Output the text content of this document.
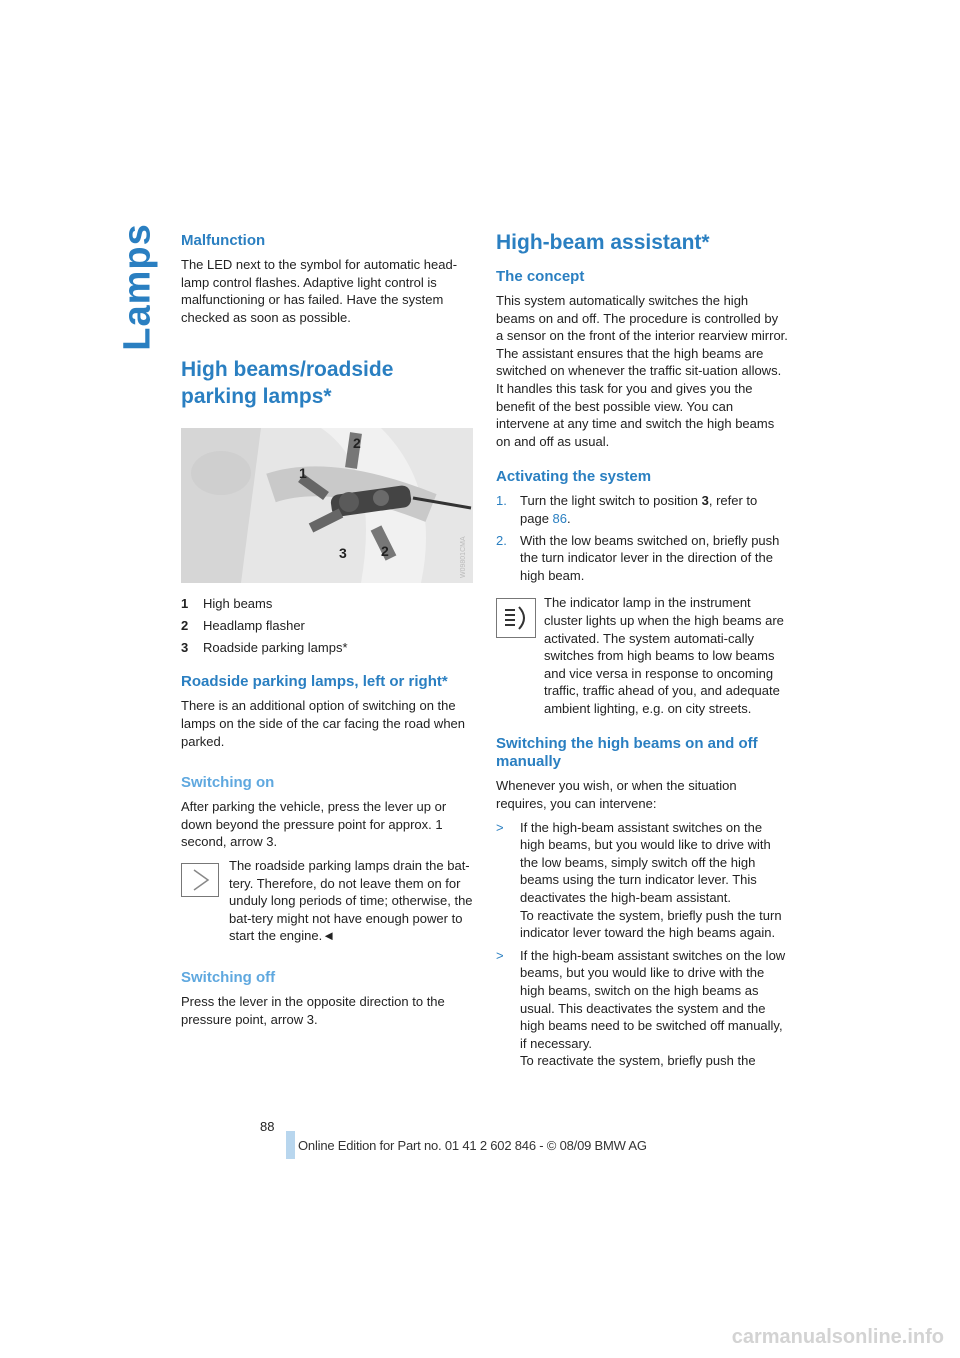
Lamps Malfunction

The LED next to the symbol for automatic head-lamp control flashes. Adaptive light control is malfunctioning or has failed. Have the system checked as soon as possible.

High beams/roadside parking lamps*
1
2
3 2	W09801CMA
1	High beams
2	Headlamp flasher
3	Roadside parking lamps*
Roadside parking lamps, left or right*

There is an additional option of switching on the lamps on the side of the car facing the road when parked.

Switching on

After parking the vehicle, press the lever up or down beyond the pressure point for approx. 1 second, arrow 3.

The roadside parking lamps drain the bat-tery. Therefore, do not leave them on for unduly long periods of time; otherwise, the bat-tery might not have enough power to start the engine.◄

Switching off

Press the lever in the opposite direction to the pressure point, arrow 3.

High-beam assistant*
The concept

This system automatically switches the high beams on and off. The procedure is controlled by a sensor on the front of the interior rearview mirror. The assistant ensures that the high beams are switched on whenever the traffic sit-uation allows. It handles this task for you and gives you the benefit of the best possible view. You can intervene at any time and switch the high beams on and off as usual.

Activating the system
1.	Turn the light switch to position 3, refer to page 86.
2.	With the low beams switched on, briefly push the turn indicator lever in the direction of the high beam.

The indicator lamp in the instrument cluster lights up when the high beams are activated. The system automati-cally switches from high beams to low beams and vice versa in response to oncoming traffic, traffic ahead of you, and adequate ambient lighting, e.g. on city streets.

Switching the high beams on and off manually

Whenever you wish, or when the situation requires, you can intervene:

>	If the high-beam assistant switches on the high beams, but you would like to drive with the low beams, simply switch off the high beams using the turn indicator lever. This deactivates the high-beam assistant.
To reactivate the system, briefly push the turn indicator lever toward the high beams again.
>	If the high-beam assistant switches on the low beams, but you would like to drive with the high beams, switch on the high beams as usual. This deactivates the system and the high beams need to be switched off manually, if necessary.
To reactivate the system, briefly push the
88
Online Edition for Part no. 01 41 2 602 846 - © 08/09 BMW AG
carmanualsonline.info
